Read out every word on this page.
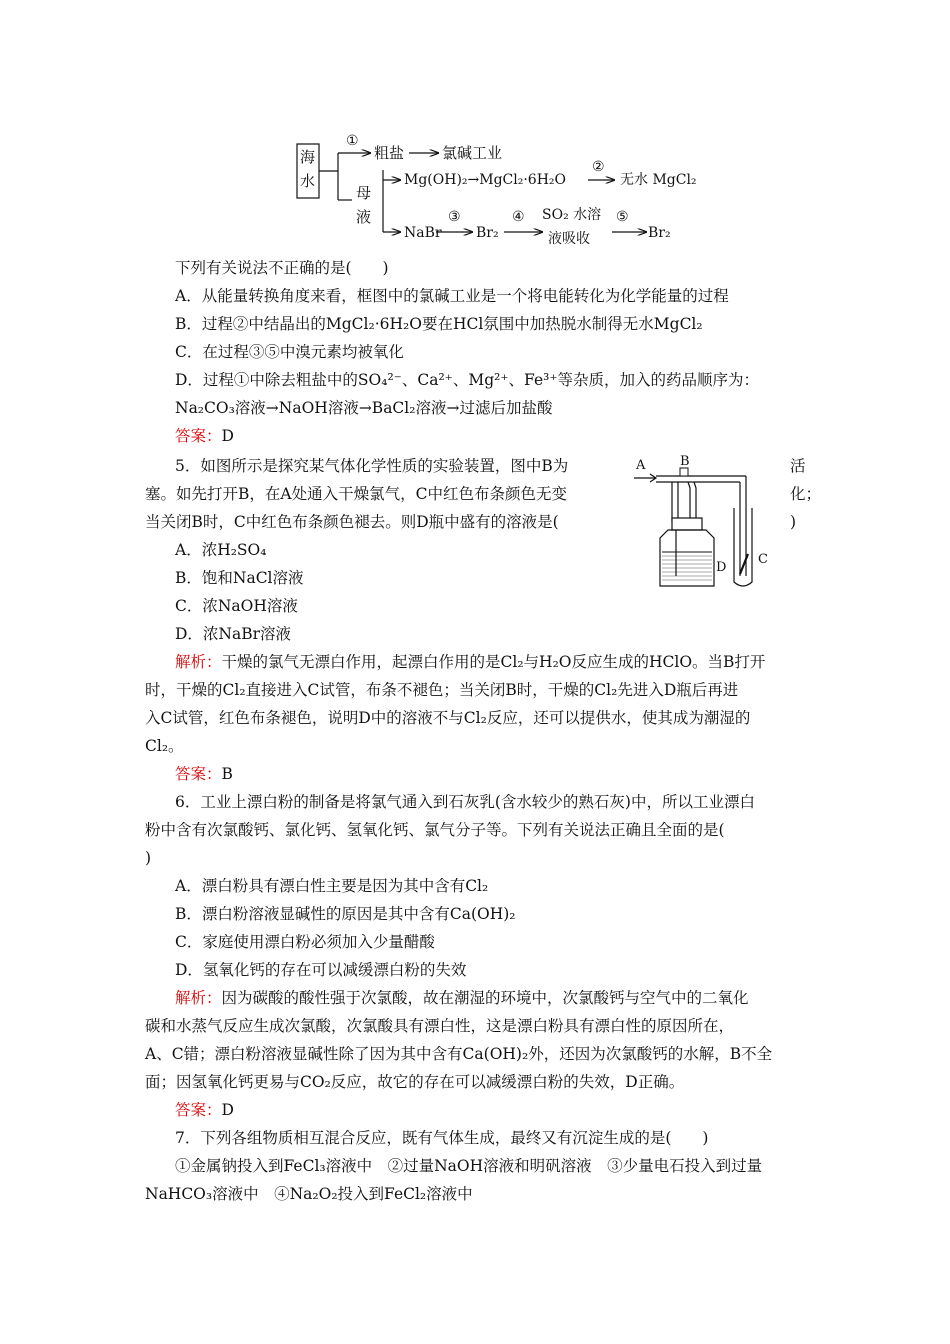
海
水
①
粗盐	氯碱工业
母
液
Mg(OH)₂→MgCl₂·6H₂O
②
无水 MgCl₂
NaBr
③
Br₂
④ SO₂ 水溶
液吸收
⑤
Br₂
下列有关说法不正确的是(　　)
A．从能量转换角度来看，框图中的氯碱工业是一个将电能转化为化学能量的过程
B．过程②中结晶出的MgCl₂·6H₂O要在HCl氛围中加热脱水制得无水MgCl₂
C．在过程③⑤中溴元素均被氧化
D．过程①中除去粗盐中的SO₄²⁻、Ca²⁺、Mg²⁺、Fe³⁺等杂质，加入的药品顺序为：
Na₂CO₃溶液→NaOH溶液→BaCl₂溶液→过滤后加盐酸
答案：D
5．如图所示是探究某气体化学性质的实验装置，图中B为
塞。如先打开B，在A处通入干燥氯气，C中红色布条颜色无变
当关闭B时，C中红色布条颜色褪去。则D瓶中盛有的溶液是(
活
化；
)
A	B
C
D
A．浓H₂SO₄
B．饱和NaCl溶液
C．浓NaOH溶液
D．浓NaBr溶液
解析：干燥的氯气无漂白作用，起漂白作用的是Cl₂与H₂O反应生成的HClO。当B打开
时，干燥的Cl₂直接进入C试管，布条不褪色；当关闭B时，干燥的Cl₂先进入D瓶后再进
入C试管，红色布条褪色，说明D中的溶液不与Cl₂反应，还可以提供水，使其成为潮湿的
Cl₂。
答案：B
6．工业上漂白粉的制备是将氯气通入到石灰乳(含水较少的熟石灰)中，所以工业漂白
粉中含有次氯酸钙、氯化钙、氢氧化钙、氯气分子等。下列有关说法正确且全面的是(
)
A．漂白粉具有漂白性主要是因为其中含有Cl₂
B．漂白粉溶液显碱性的原因是其中含有Ca(OH)₂
C．家庭使用漂白粉必须加入少量醋酸
D．氢氧化钙的存在可以减缓漂白粉的失效
解析：因为碳酸的酸性强于次氯酸，故在潮湿的环境中，次氯酸钙与空气中的二氧化
碳和水蒸气反应生成次氯酸，次氯酸具有漂白性，这是漂白粉具有漂白性的原因所在，
A、C错；漂白粉溶液显碱性除了因为其中含有Ca(OH)₂外，还因为次氯酸钙的水解，B不全
面；因氢氧化钙更易与CO₂反应，故它的存在可以减缓漂白粉的失效，D正确。
答案：D
7．下列各组物质相互混合反应，既有气体生成，最终又有沉淀生成的是(　　)
①金属钠投入到FeCl₃溶液中　②过量NaOH溶液和明矾溶液　③少量电石投入到过量
NaHCO₃溶液中　④Na₂O₂投入到FeCl₂溶液中
